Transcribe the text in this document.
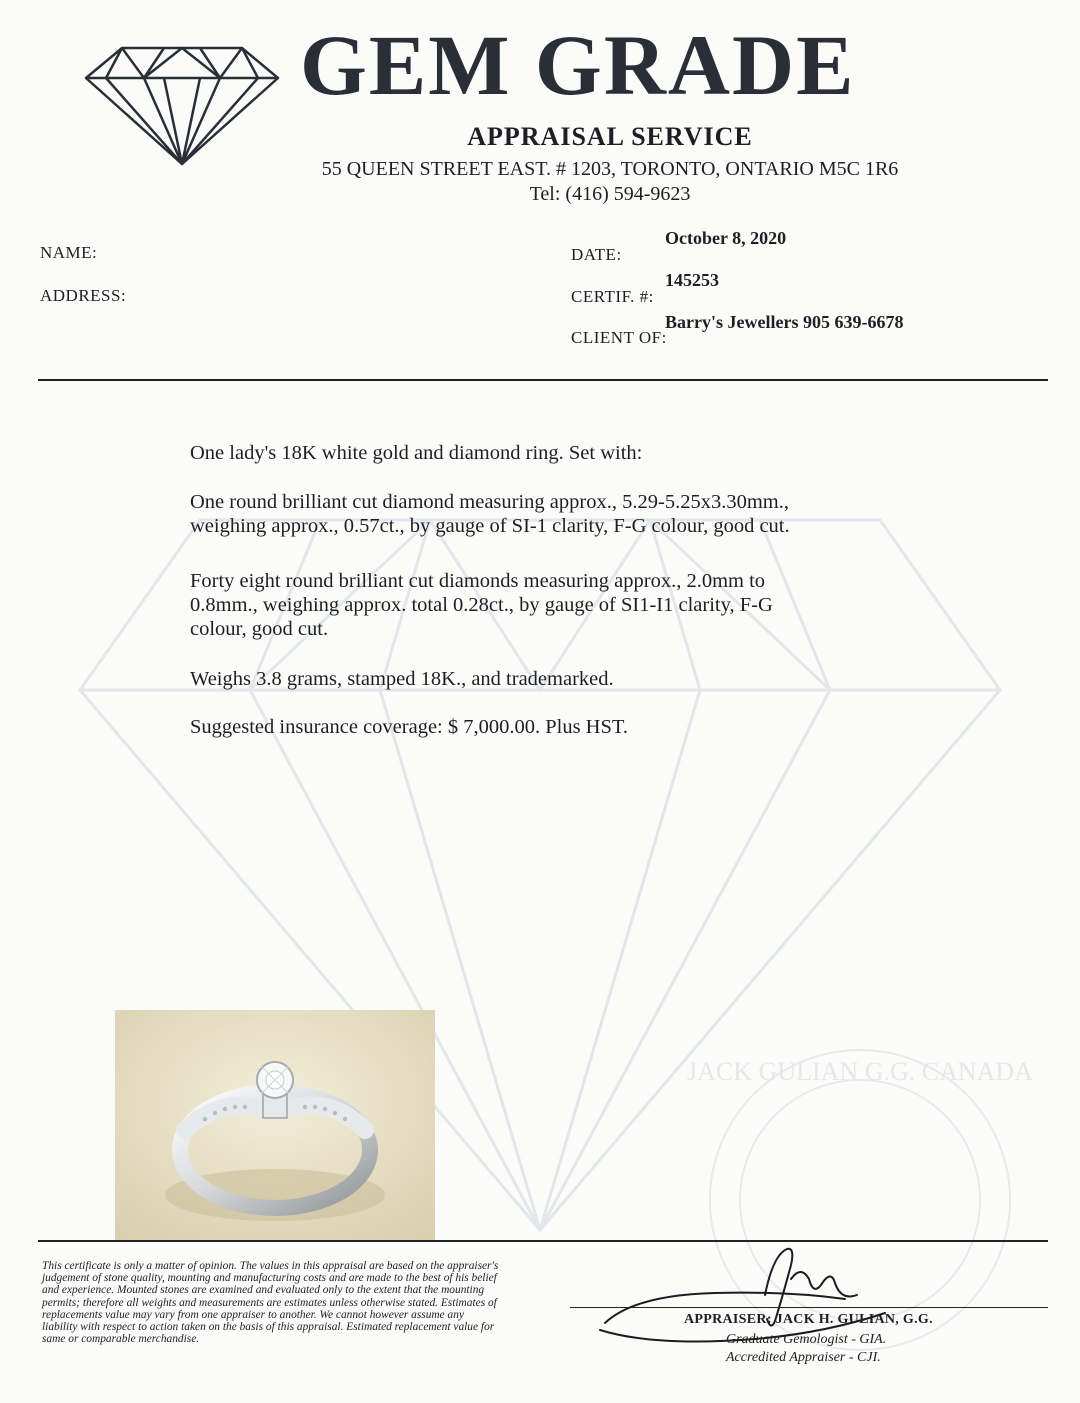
JACK GULIAN G.G. CANADA
GEM GRADE
APPRAISAL SERVICE
55 QUEEN STREET EAST. # 1203, TORONTO, ONTARIO M5C 1R6
Tel: (416) 594-9623
NAME:
ADDRESS:
October 8, 2020
DATE:
145253
CERTIF. #:
Barry's Jewellers 905 639-6678
CLIENT OF:

One lady's 18K white gold and diamond ring. Set with:

One round brilliant cut diamond measuring approx., 5.29-5.25x3.30mm.,

weighing approx., 0.57ct., by gauge of SI-1 clarity, F-G colour, good cut.

Forty eight round brilliant cut diamonds measuring approx., 2.0mm to

0.8mm., weighing approx. total 0.28ct., by gauge of SI1-I1 clarity, F-G

colour, good cut.

Weighs 3.8 grams, stamped 18K., and trademarked.
Suggested insurance coverage: $ 7,000.00. Plus HST.
This certificate is only a matter of opinion. The values in this appraisal are based on the appraiser's
judgement of stone quality, mounting and manufacturing costs and are made to the best of his belief
and experience. Mounted stones are examined and evaluated only to the extent that the mounting
permits; therefore all weights and measurements are estimates unless otherwise stated. Estimates of
replacements value may vary from one appraiser to another. We cannot however assume any
liability with respect to action taken on the basis of this appraisal. Estimated replacement value for
same or comparable merchandise.
APPRAISER: JACK H. GULIAN, G.G.
Graduate Gemologist - GIA.
Accredited Appraiser - CJI.
